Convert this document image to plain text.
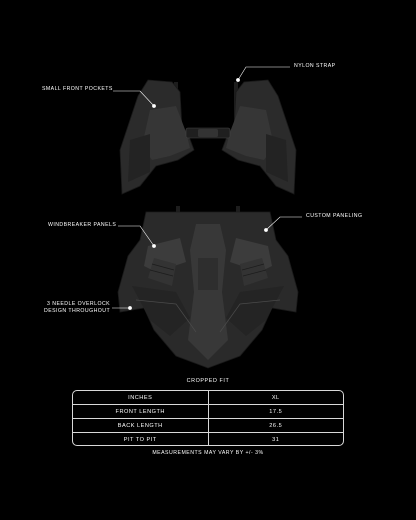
SMALL FRONT POCKETS
NYLON STRAP
WINDBREAKER PANELS
CUSTOM PANELING
3 NEEDLE OVERLOCK
DESIGN THROUGHOUT
CROPPED FIT
INCHES	XL
FRONT LENGTH	17.5
BACK LENGTH	26.5
PIT TO PIT	31
MEASUREMENTS MAY VARY BY +/- 3%
